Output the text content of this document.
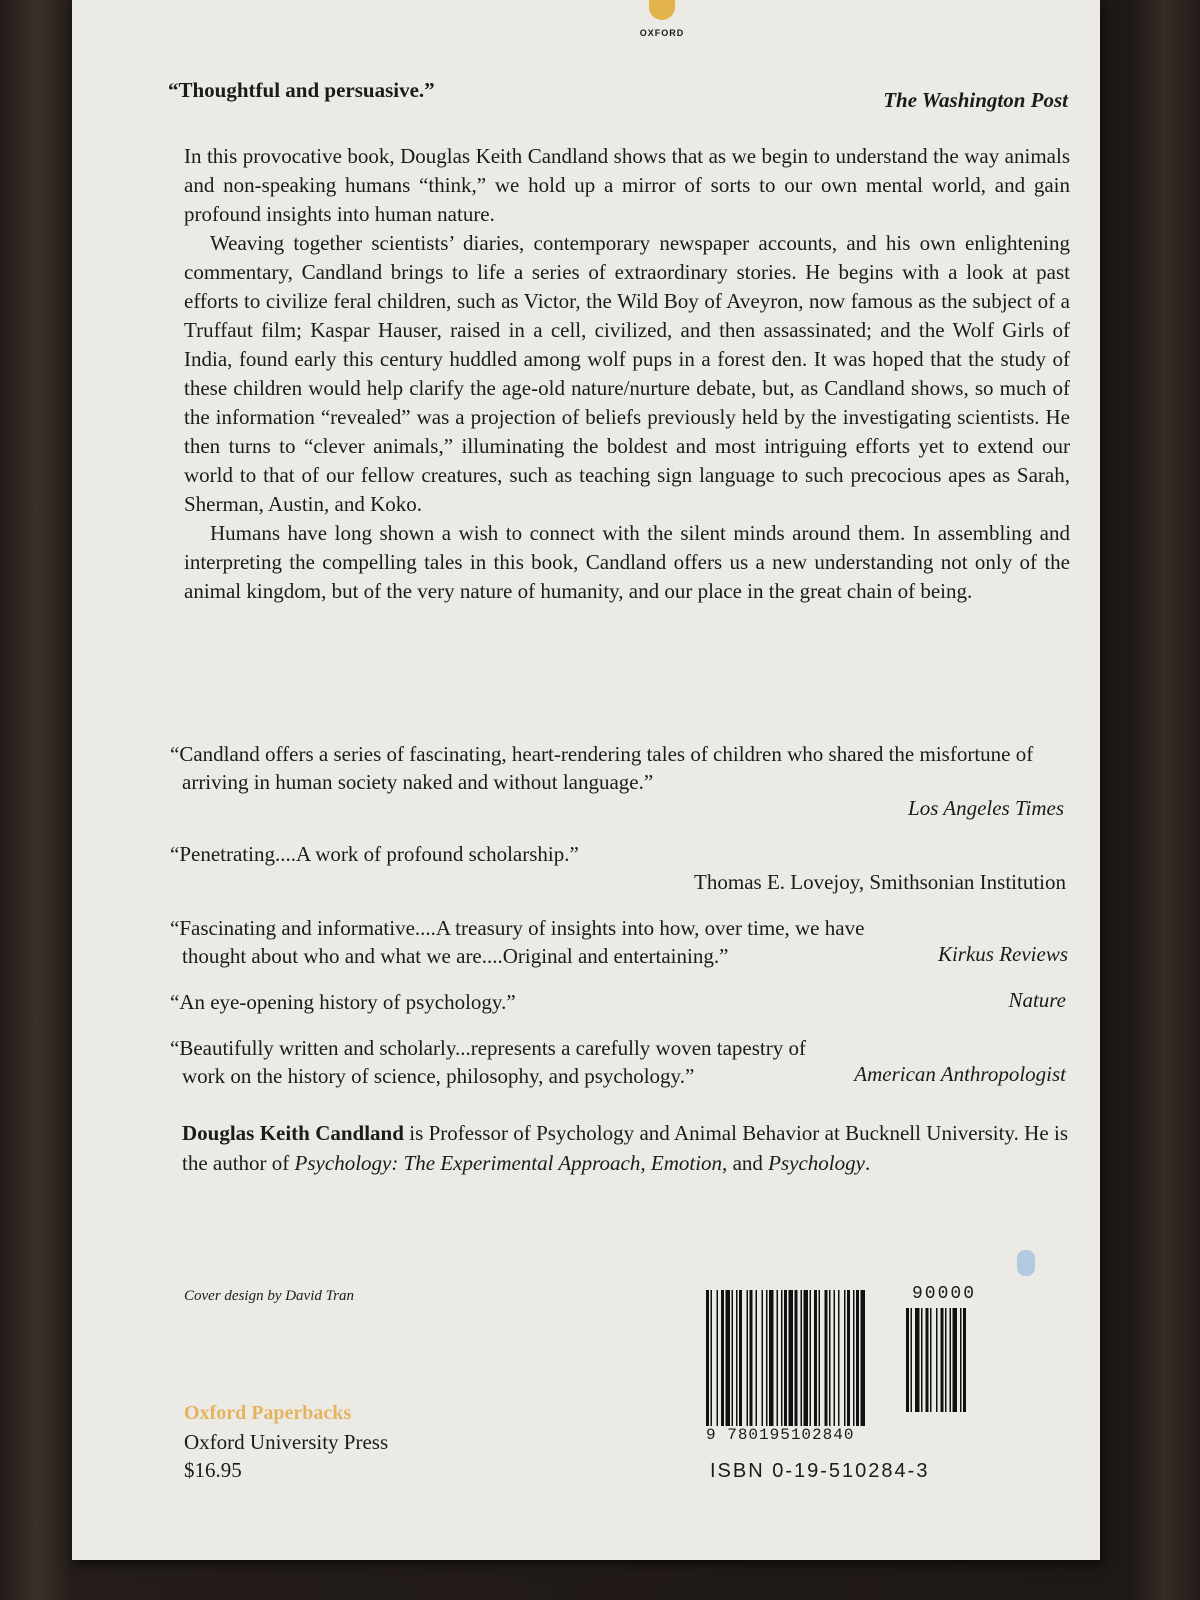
OXFORD
“Thoughtful and persuasive.”	The Washington Post

In this provocative book, Douglas Keith Candland shows that as we begin to understand the way animals and non-speaking humans “think,” we hold up a mirror of sorts to our own mental world, and gain profound insights into human nature.

Weaving together scientists’ diaries, contemporary newspaper accounts, and his own enlightening commentary, Candland brings to life a series of extraordinary stories. He begins with a look at past efforts to civilize feral children, such as Victor, the Wild Boy of Aveyron, now famous as the subject of a Truffaut film; Kaspar Hauser, raised in a cell, civilized, and then assassinated; and the Wolf Girls of India, found early this century huddled among wolf pups in a forest den. It was hoped that the study of these children would help clarify the age-old nature/nurture debate, but, as Candland shows, so much of the information “revealed” was a projection of beliefs previously held by the investigating scientists. He then turns to “clever animals,” illuminating the boldest and most intriguing efforts yet to extend our world to that of our fellow creatures, such as teaching sign language to such precocious apes as Sarah, Sherman, Austin, and Koko.

Humans have long shown a wish to connect with the silent minds around them. In assembling and interpreting the compelling tales in this book, Candland offers us a new understanding not only of the animal kingdom, but of the very nature of humanity, and our place in the great chain of being.

“Candland offers a series of fascinating, heart-rendering tales of children who shared the misfortune of arriving in human society naked and without language.”
Los Angeles Times
“Penetrating....A work of profound scholarship.”
Thomas E. Lovejoy, Smithsonian Institution
“Fascinating and informative....A treasury of insights into how, over time, we have thought about who and what we are....Original and entertaining.”	Kirkus Reviews
“An eye-opening history of psychology.”	Nature
“Beautifully written and scholarly...represents a carefully woven tapestry of work on the history of science, philosophy, and psychology.”	American Anthropologist
Douglas Keith Candland is Professor of Psychology and Animal Behavior at Bucknell University. He is the author of Psychology: The Experimental Approach, Emotion, and Psychology.
Cover design by David Tran
Oxford Paperbacks
Oxford University Press
$16.95
90000
9 780195102840
ISBN 0-19-510284-3
